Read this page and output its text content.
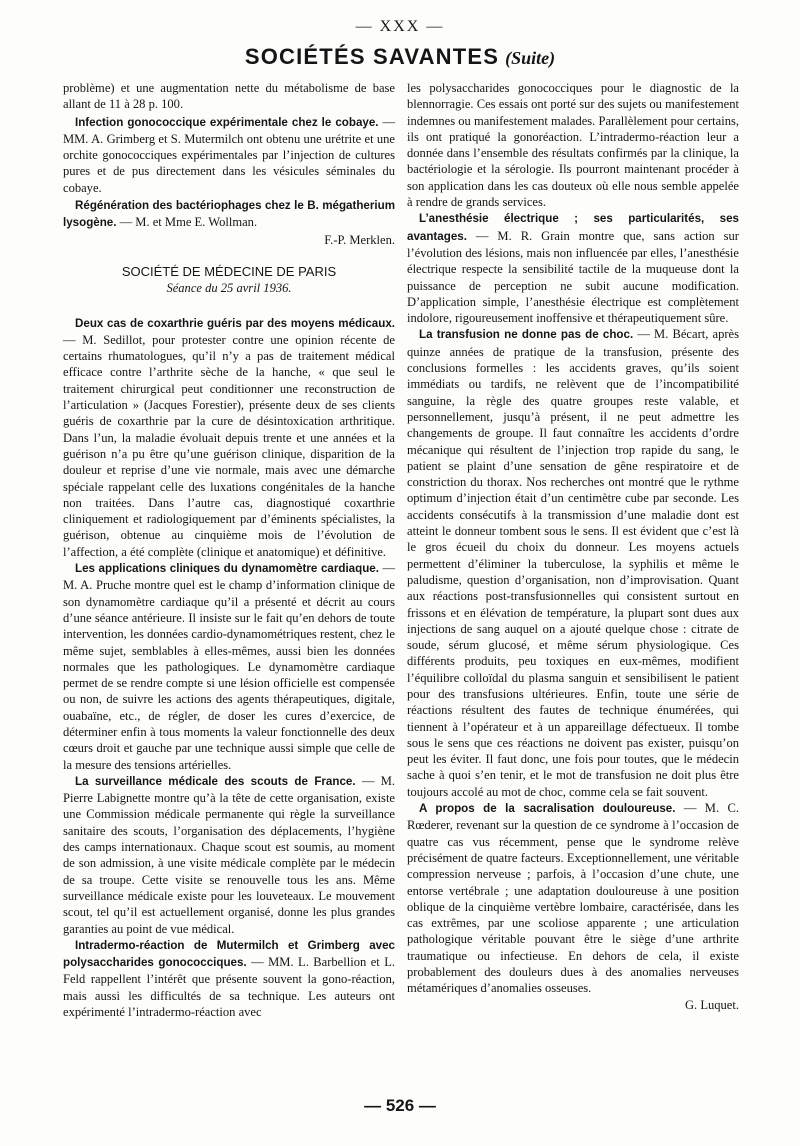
— XXX —
SOCIÉTÉS SAVANTES (Suite)

problème) et une augmentation nette du métabolisme de base allant de 11 à 28 p. 100.

Infection gonococcique expérimentale chez le cobaye. — MM. A. Grimberg et S. Mutermilch ont obtenu une urétrite et une orchite gonococciques expérimentales par l’injection de cultures pures et de pus directement dans les vésicules séminales du cobaye.

Régénération des bactériophages chez le B. mégatherium lysogène. — M. et Mme E. Wollman.

F.-P. Merklen.

SOCIÉTÉ DE MÉDECINE DE PARIS
Séance du 25 avril 1936.

Deux cas de coxarthrie guéris par des moyens médicaux. — M. Sedillot, pour protester contre une opinion récente de certains rhumatologues, qu’il n’y a pas de traitement médical efficace contre l’arthrite sèche de la hanche, « que seul le traitement chirurgical peut conditionner une reconstruction de l’articulation » (Jacques Forestier), présente deux de ses clients guéris de coxarthrie par la cure de désintoxication arthritique. Dans l’un, la maladie évoluait depuis trente et une années et la guérison n’a pu être qu’une guérison clinique, disparition de la douleur et reprise d’une vie normale, mais avec une démarche spéciale rappelant celle des luxations congénitales de la hanche non traitées. Dans l’autre cas, diagnostiqué coxarthrie cliniquement et radiologiquement par d’éminents spécialistes, la guérison, obtenue au cinquième mois de l’évolution de l’affection, a été complète (clinique et anatomique) et définitive.

Les applications cliniques du dynamomètre cardiaque. — M. A. Pruche montre quel est le champ d’information clinique de son dynamomètre cardiaque qu’il a présenté et décrit au cours d’une séance antérieure. Il insiste sur le fait qu’en dehors de toute intervention, les données cardio-dynamométriques restent, chez le même sujet, semblables à elles-mêmes, aussi bien les données normales que les pathologiques. Le dynamomètre cardiaque permet de se rendre compte si une lésion officielle est compensée ou non, de suivre les actions des agents thérapeutiques, digitale, ouabaïne, etc., de régler, de doser les cures d’exercice, de déterminer enfin à tous moments la valeur fonctionnelle des deux cœurs droit et gauche par une technique aussi simple que celle de la mesure des tensions artérielles.

La surveillance médicale des scouts de France. — M. Pierre Labignette montre qu’à la tête de cette organisation, existe une Commission médicale permanente qui règle la surveillance sanitaire des scouts, l’organisation des déplacements, l’hygiène des camps internationaux. Chaque scout est soumis, au moment de son admission, à une visite médicale complète par le médecin de sa troupe. Cette visite se renouvelle tous les ans. Même surveillance médicale existe pour les louveteaux. Le mouvement scout, tel qu’il est actuellement organisé, donne les plus grandes garanties au point de vue médical.

Intradermo-réaction de Mutermilch et Grimberg avec polysaccharides gonococciques. — MM. L. Barbellion et L. Feld rappellent l’intérêt que présente souvent la gono-réaction, mais aussi les difficultés de sa technique. Les auteurs ont expérimenté l’intradermo-réaction avec

les polysaccharides gonococciques pour le diagnostic de la blennorragie. Ces essais ont porté sur des sujets ou manifestement indemnes ou manifestement malades. Parallèlement pour certains, ils ont pratiqué la gonoréaction. L’intradermo-réaction leur a donnée dans l’ensemble des résultats confirmés par la clinique, la bactériologie et la sérologie. Ils pourront maintenant procéder à son application dans les cas douteux où elle nous semble appelée à rendre de grands services.

L’anesthésie électrique ; ses particularités, ses avantages. — M. R. Grain montre que, sans action sur l’évolution des lésions, mais non influencée par elles, l’anesthésie électrique respecte la sensibilité tactile de la muqueuse dont la puissance de perception ne subit aucune modification. D’application simple, l’anesthésie électrique est complètement indolore, rigoureusement inoffensive et thérapeutiquement sûre.

La transfusion ne donne pas de choc. — M. Bécart, après quinze années de pratique de la transfusion, présente des conclusions formelles : les accidents graves, qu’ils soient immédiats ou tardifs, ne relèvent que de l’incompatibilité sanguine, la règle des quatre groupes reste valable, et personnellement, jusqu’à présent, il ne peut admettre les changements de groupe. Il faut connaître les accidents d’ordre mécanique qui résultent de l’injection trop rapide du sang, le patient se plaint d’une sensation de gêne respiratoire et de constriction du thorax. Nos recherches ont montré que le rythme optimum d’injection était d’un centimètre cube par seconde. Les accidents consécutifs à la transmission d’une maladie dont est atteint le donneur tombent sous le sens. Il est évident que c’est là le gros écueil du choix du donneur. Les moyens actuels permettent d’éliminer la tuberculose, la syphilis et même le paludisme, question d’organisation, non d’improvisation. Quant aux réactions post-transfusionnelles qui consistent surtout en frissons et en élévation de température, la plupart sont dues aux injections de sang auquel on a ajouté quelque chose : citrate de soude, sérum glucosé, et même sérum physiologique. Ces différents produits, peu toxiques en eux-mêmes, modifient l’équilibre colloïdal du plasma sanguin et sensibilisent le patient pour des transfusions ultérieures. Enfin, toute une série de réactions résultent des fautes de technique énumérées, qui tiennent à l’opérateur et à un appareillage défectueux. Il tombe sous le sens que ces réactions ne doivent pas exister, puisqu’on peut les éviter. Il faut donc, une fois pour toutes, que le médecin sache à quoi s’en tenir, et le mot de transfusion ne doit plus être toujours accolé au mot de choc, comme cela se fait souvent.

A propos de la sacralisation douloureuse. — M. C. Rœderer, revenant sur la question de ce syndrome à l’occasion de quatre cas vus récemment, pense que le syndrome relève précisément de quatre facteurs. Exceptionnellement, une véritable compression nerveuse ; parfois, à l’occasion d’une chute, une entorse vertébrale ; une adaptation douloureuse à une position oblique de la cinquième vertèbre lombaire, caractérisée, dans les cas extrêmes, par une scoliose apparente ; une articulation pathologique véritable pouvant être le siège d’une arthrite traumatique ou infectieuse. En dehors de cela, il existe probablement des douleurs dues à des anomalies nerveuses métamériques d’anomalies osseuses.

G. Luquet.

— 526 —
